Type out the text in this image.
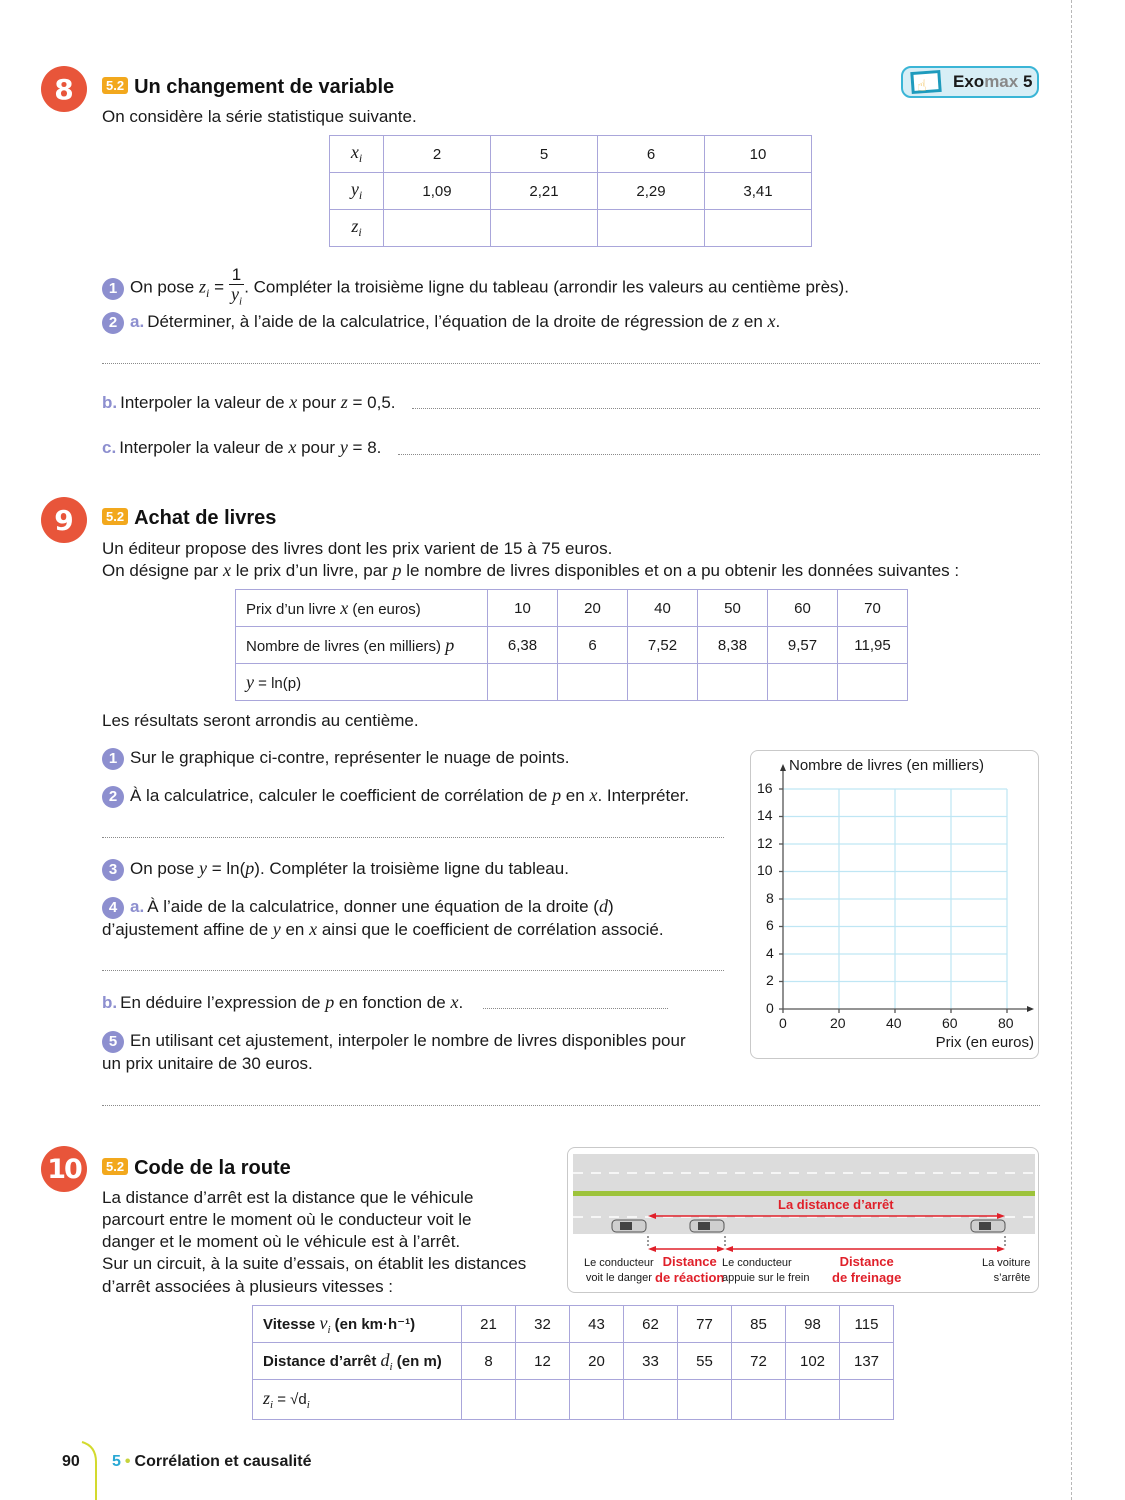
8	5.2 Un changement de variable	☝ Exomax 5
On considère la série statistique suivante.
$x_i$	2	5	6	10
$y_i$	1,09	2,21	2,29	3,41
$z_i$				
1 On pose $z_i = \frac{1}{y_i}$ . Compléter la troisième ligne du tableau (arrondir les valeurs au centième près).
2 a. Déterminer, à l’aide de la calculatrice, l’équation de la droite de régression de z en x.
b. Interpoler la valeur de x pour z = 0,5.
c. Interpoler la valeur de x pour y = 8.
9	5.2 Achat de livres
Un éditeur propose des livres dont les prix varient de 15 à 75 euros.
On désigne par x le prix d’un livre, par p le nombre de livres disponibles et on a pu obtenir les données suivantes :
Prix d’un livre x (en euros)	10	20	40	50	60	70
Nombre de livres (en milliers) p	6,38	6	7,52	8,38	9,57	11,95
y = ln(p)						
Les résultats seront arrondis au centième.
1 Sur le graphique ci-contre, représenter le nuage de points.
2 À la calculatrice, calculer le coefficient de corrélation de p en x. Interpréter.
3 On pose y = ln(p). Compléter la troisième ligne du tableau.
4 a. À l’aide de la calculatrice, donner une équation de la droite (d)
d’ajustement affine de y en x ainsi que le coefficient de corrélation associé.
b. En déduire l’expression de p en fonction de x.
5 En utilisant cet ajustement, interpoler le nombre de livres disponibles pour
un prix unitaire de 30 euros.
Nombre de livres (en milliers)
Prix (en euros)
0
2
4
6
8
10
12
14
16
0	20	40	60	80
10	5.2 Code de la route
La distance d’arrêt est la distance que le véhicule
parcourt entre le moment où le conducteur voit le
danger et le moment où le véhicule est à l’arrêt.
Sur un circuit, à la suite d’essais, on établit les distances
d’arrêt associées à plusieurs vitesses :
La distance d’arrêt
Le conducteur
voit le danger
Distance
de réaction
Le conducteur
appuie sur le frein
Distance
de freinage
La voiture
s’arrête
Vitesse $v_i$ (en km·h⁻¹)	21	32	43	62	77	85	98	115
Distance d’arrêt $d_i$ (en m)	8	12	20	33	55	72	102	137
$z_i = √d_i$								
90 5 • Corrélation et causalité
